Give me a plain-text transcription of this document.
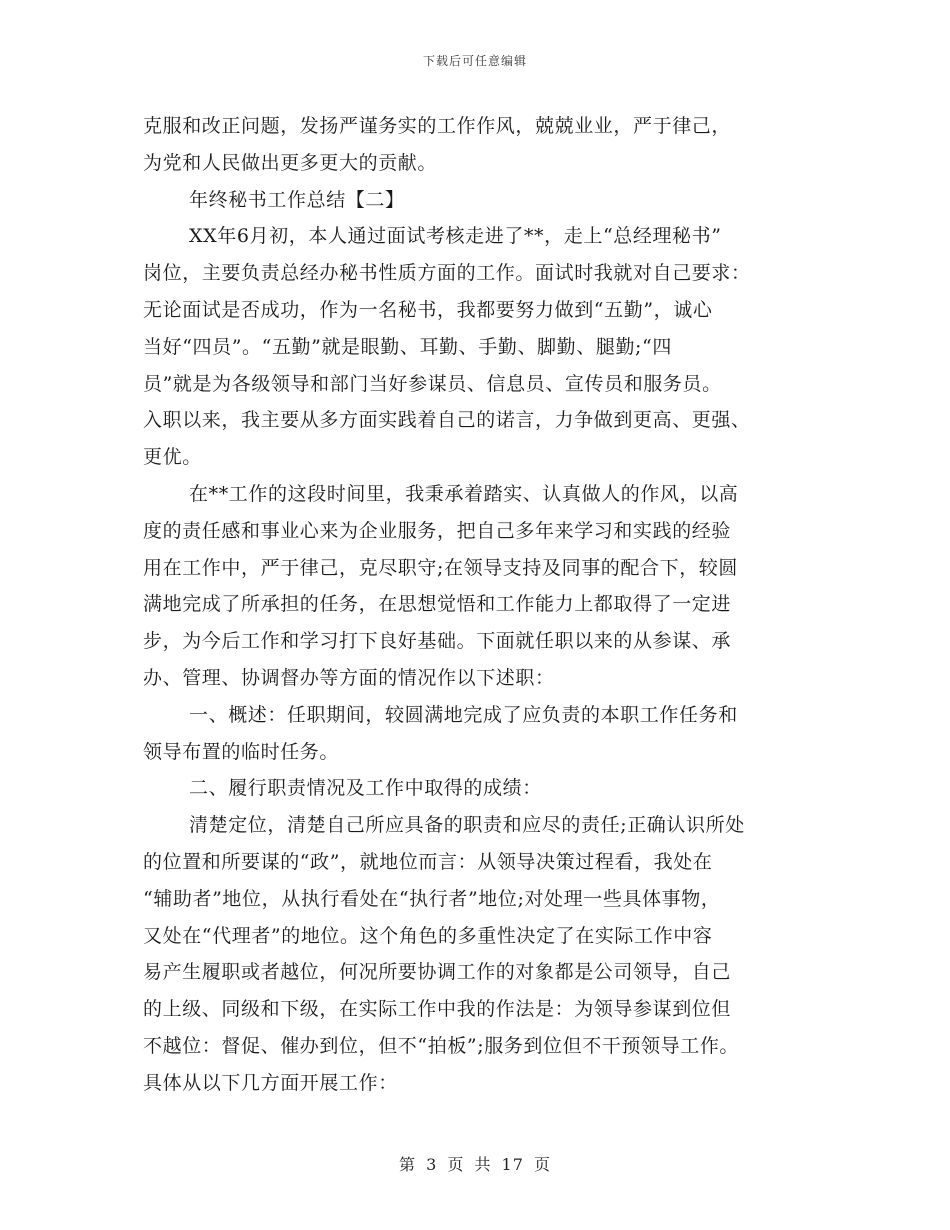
下载后可任意编辑
克服和改正问题，发扬严谨务实的工作作风，兢兢业业，严于律己，
为党和人民做出更多更大的贡献。
年终秘书工作总结【二】
XX年6月初，本人通过面试考核走进了**，走上“总经理秘书”
岗位，主要负责总经办秘书性质方面的工作。面试时我就对自己要求：
无论面试是否成功，作为一名秘书，我都要努力做到“五勤”，诚心
当好“四员”。“五勤”就是眼勤、耳勤、手勤、脚勤、腿勤;“四
员”就是为各级领导和部门当好参谋员、信息员、宣传员和服务员。
入职以来，我主要从多方面实践着自己的诺言，力争做到更高、更强、
更优。
在**工作的这段时间里，我秉承着踏实、认真做人的作风，以高
度的责任感和事业心来为企业服务，把自己多年来学习和实践的经验
用在工作中，严于律己，克尽职守;在领导支持及同事的配合下，较圆
满地完成了所承担的任务，在思想觉悟和工作能力上都取得了一定进
步，为今后工作和学习打下良好基础。下面就任职以来的从参谋、承
办、管理、协调督办等方面的情况作以下述职：
一、概述：任职期间，较圆满地完成了应负责的本职工作任务和
领导布置的临时任务。
二、履行职责情况及工作中取得的成绩：
清楚定位，清楚自己所应具备的职责和应尽的责任;正确认识所处
的位置和所要谋的“政”，就地位而言：从领导决策过程看，我处在
“辅助者”地位，从执行看处在“执行者”地位;对处理一些具体事物，
又处在“代理者”的地位。这个角色的多重性决定了在实际工作中容
易产生履职或者越位，何况所要协调工作的对象都是公司领导，自己
的上级、同级和下级，在实际工作中我的作法是：为领导参谋到位但
不越位：督促、催办到位，但不“拍板”;服务到位但不干预领导工作。
具体从以下几方面开展工作：
第 3 页 共 17 页
